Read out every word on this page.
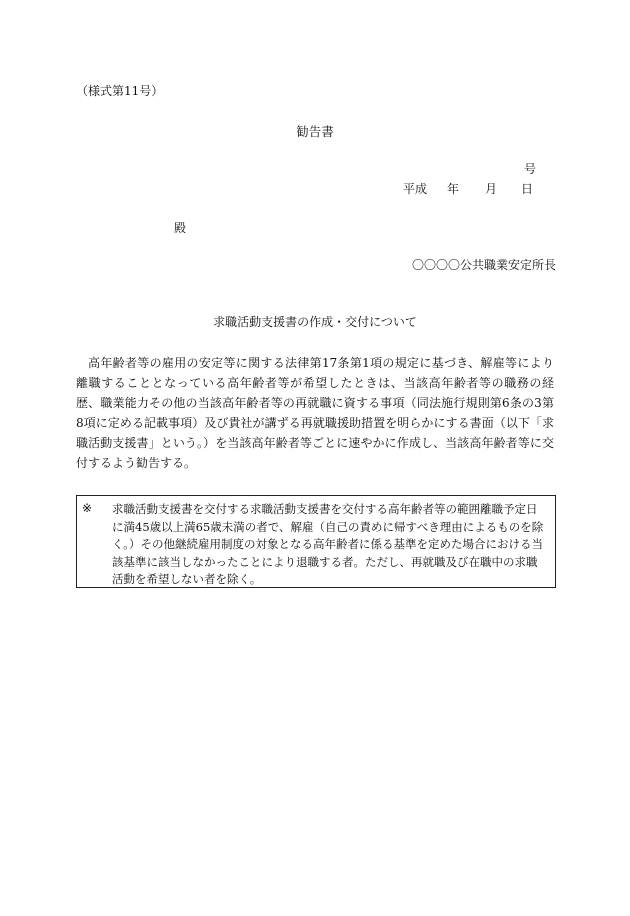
（様式第11号）
勧告書
号
平成 年 月 日
殿
〇〇〇〇公共職業安定所長
求職活動支援書の作成・交付について
高年齢者等の雇用の安定等に関する法律第17条第1項の規定に基づき、解雇等により離職することとなっている高年齢者等が希望したときは、当該高年齢者等の職務の経歴、職業能力その他の当該高年齢者等の再就職に資する事項（同法施行規則第6条の3第8項に定める記載事項）及び貴社が講ずる再就職援助措置を明らかにする書面（以下「求職活動支援書」という。）を当該高年齢者等ごとに速やかに作成し、当該高年齢者等に交付するよう勧告する。
※	求職活動支援書を交付する求職活動支援書を交付する高年齢者等の範囲離職予定日に満45歳以上満65歳未満の者で、解雇（自己の責めに帰すべき理由によるものを除く。）その他継続雇用制度の対象となる高年齢者に係る基準を定めた場合における当該基準に該当しなかったことにより退職する者。ただし、再就職及び在職中の求職活動を希望しない者を除く。
